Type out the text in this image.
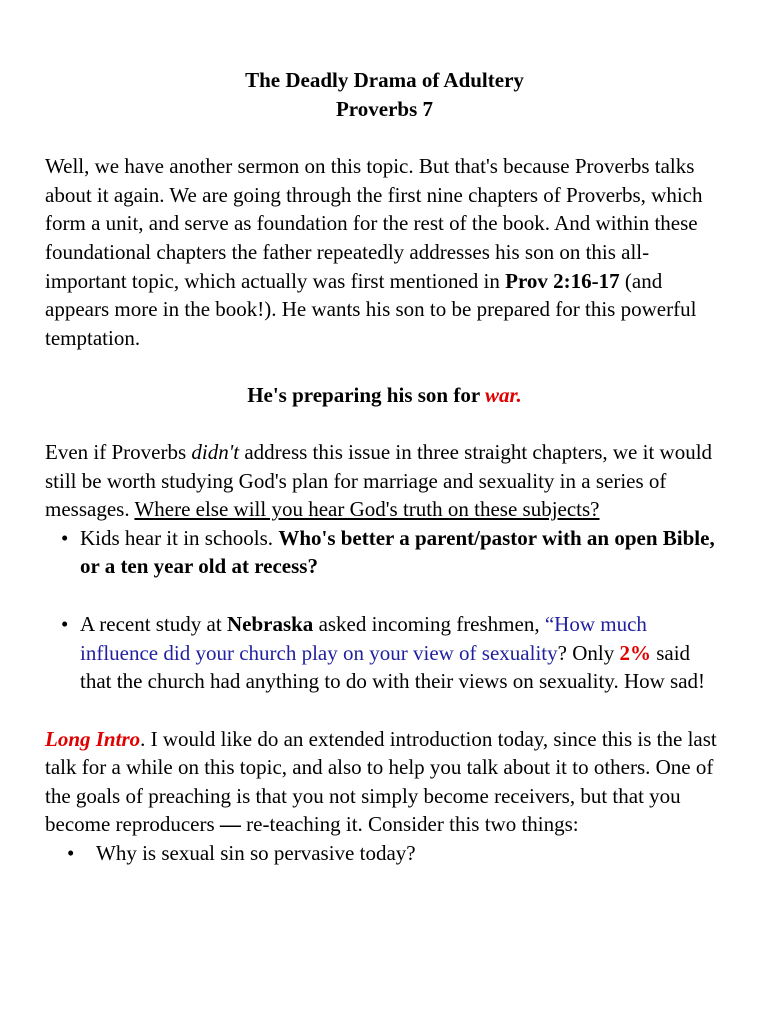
The Deadly Drama of Adultery

Proverbs 7

Well, we have another sermon on this topic. But that's because Proverbs talks about it again. We are going through the first nine chapters of Proverbs, which form a unit, and serve as foundation for the rest of the book. And within these foundational chapters the father repeatedly addresses his son on this all-important topic, which actually was first mentioned in Prov 2:16-17 (and appears more in the book!). He wants his son to be prepared for this powerful temptation.

He's preparing his son for war.

Even if Proverbs didn't address this issue in three straight chapters, we it would still be worth studying God's plan for marriage and sexuality in a series of messages. Where else will you hear God's truth on these subjects?

• Kids hear it in schools. Who's better a parent/pastor with an open Bible, or a ten year old at recess?
• A recent study at Nebraska asked incoming freshmen, “How much influence did your church play on your view of sexuality? Only 2% said that the church had anything to do with their views on sexuality. How sad!

Long Intro. I would like do an extended introduction today, since this is the last talk for a while on this topic, and also to help you talk about it to others. One of the goals of preaching is that you not simply become receivers, but that you become reproducers — re-teaching it. Consider this two things:

• Why is sexual sin so pervasive today?
